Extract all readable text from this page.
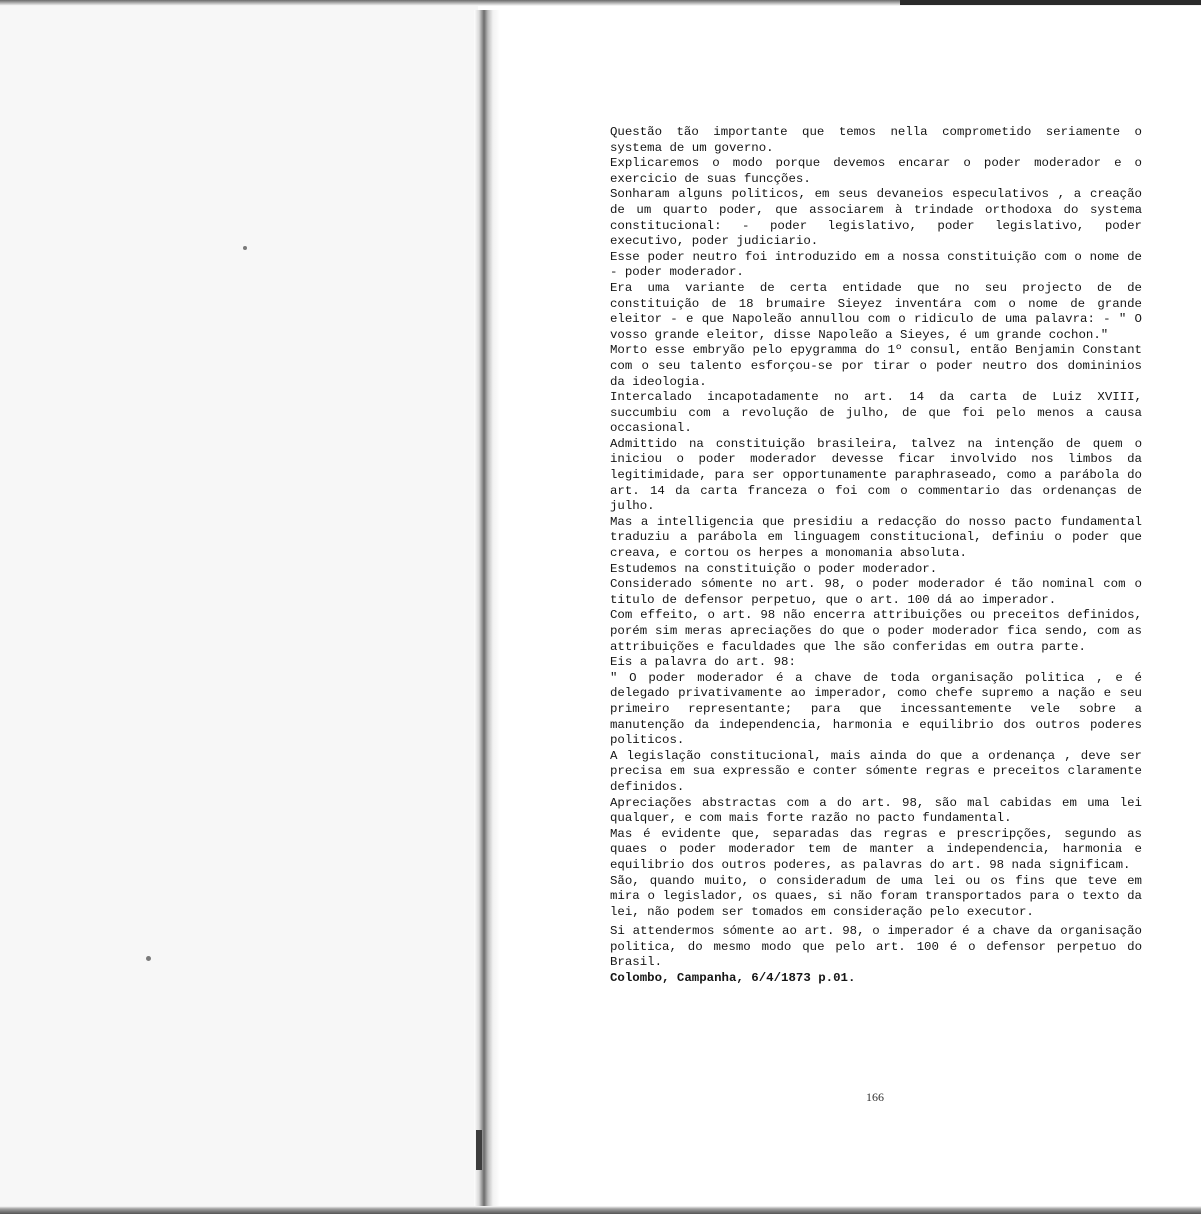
Questão tão importante que temos nella comprometido seriamente o systema de um governo.

Explicaremos o modo porque devemos encarar o poder moderador e o exercicio de suas funcções.

Sonharam alguns politicos, em seus devaneios especulativos , a creação de um quarto poder, que associarem à trindade orthodoxa do systema constitucional: - poder legislativo, poder legislativo, poder executivo, poder judiciario.

Esse poder neutro foi introduzido em a nossa constituição com o nome de - poder moderador.

Era uma variante de certa entidade que no seu projecto de de constituição de 18 brumaire Sieyez inventára com o nome de grande eleitor - e que Napoleão annullou com o ridiculo de uma palavra: - " O vosso grande eleitor, disse Napoleão a Sieyes, é um grande cochon."

Morto esse embryão pelo epygramma do 1º consul, então Benjamin Constant com o seu talento esforçou-se por tirar o poder neutro dos domininios da ideologia.

Intercalado incapotadamente no art. 14 da carta de Luiz XVIII, succumbiu com a revolução de julho, de que foi pelo menos a causa occasional.

Admittido na constituição brasileira, talvez na intenção de quem o iniciou o poder moderador devesse ficar involvido nos limbos da legitimidade, para ser opportunamente paraphraseado, como a parábola do art. 14 da carta franceza o foi com o commentario das ordenanças de julho.

Mas a intelligencia que presidiu a redacção do nosso pacto fundamental traduziu a parábola em linguagem constitucional, definiu o poder que creava, e cortou os herpes a monomania absoluta.

Estudemos na constituição o poder moderador.

Considerado sómente no art. 98, o poder moderador é tão nominal com o titulo de defensor perpetuo, que o art. 100 dá ao imperador.

Com effeito, o art. 98 não encerra attribuições ou preceitos definidos, porém sim meras apreciações do que o poder moderador fica sendo, com as attribuições e faculdades que lhe são conferidas em outra parte.

Eis a palavra do art. 98:

" O poder moderador é a chave de toda organisação politica , e é delegado privativamente ao imperador, como chefe supremo a nação e seu primeiro representante; para que incessantemente vele sobre a manutenção da independencia, harmonia e equilibrio dos outros poderes politicos.

A legislação constitucional, mais ainda do que a ordenança , deve ser precisa em sua expressão e conter sómente regras e preceitos claramente definidos.

Apreciações abstractas com a do art. 98, são mal cabidas em uma lei qualquer, e com mais forte razão no pacto fundamental.

Mas é evidente que, separadas das regras e prescripções, segundo as quaes o poder moderador tem de manter a independencia, harmonia e equilibrio dos outros poderes, as palavras do art. 98 nada significam.

São, quando muito, o consideradum de uma lei ou os fins que teve em mira o legislador, os quaes, si não foram transportados para o texto da lei, não podem ser tomados em consideração pelo executor.

Si attendermos sómente ao art. 98, o imperador é a chave da organisação politica, do mesmo modo que pelo art. 100 é o defensor perpetuo do Brasil.

Colombo, Campanha, 6/4/1873 p.01.

166
